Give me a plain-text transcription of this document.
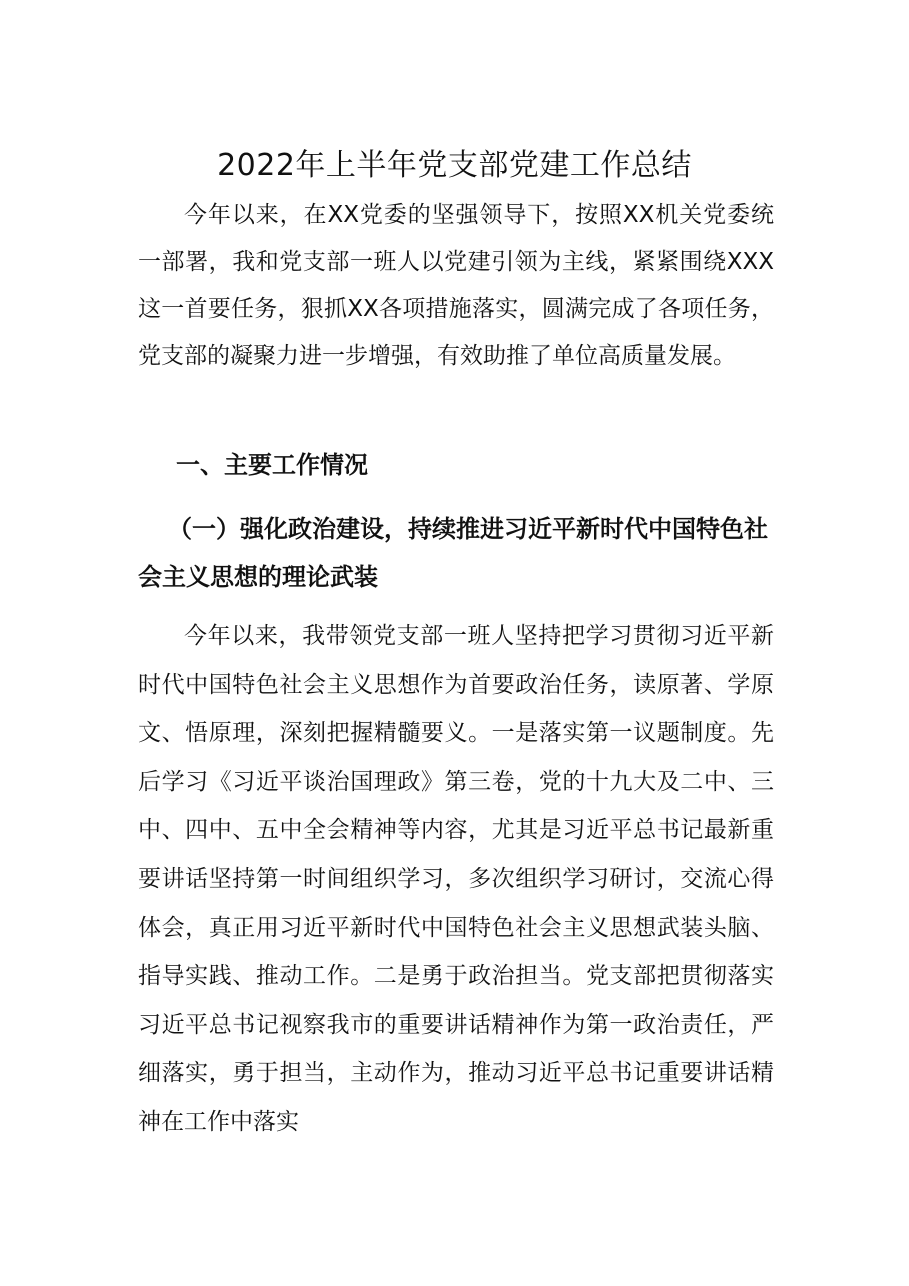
2022年上半年党支部党建工作总结

今年以来，在XX党委的坚强领导下，按照XX机关党委统一部署，我和党支部一班人以党建引领为主线，紧紧围绕XXX这一首要任务，狠抓XX各项措施落实，圆满完成了各项任务，党支部的凝聚力进一步增强，有效助推了单位高质量发展。

一、主要工作情况
（一）强化政治建设，持续推进习近平新时代中国特色社会主义思想的理论武装

今年以来，我带领党支部一班人坚持把学习贯彻习近平新时代中国特色社会主义思想作为首要政治任务，读原著、学原文、悟原理，深刻把握精髓要义。一是落实第一议题制度。先后学习《习近平谈治国理政》第三卷，党的十九大及二中、三中、四中、五中全会精神等内容，尤其是习近平总书记最新重要讲话坚持第一时间组织学习，多次组织学习研讨，交流心得体会，真正用习近平新时代中国特色社会主义思想武装头脑、指导实践、推动工作。二是勇于政治担当。党支部把贯彻落实习近平总书记视察我市的重要讲话精神作为第一政治责任，严细落实，勇于担当，主动作为，推动习近平总书记重要讲话精神在工作中落实
